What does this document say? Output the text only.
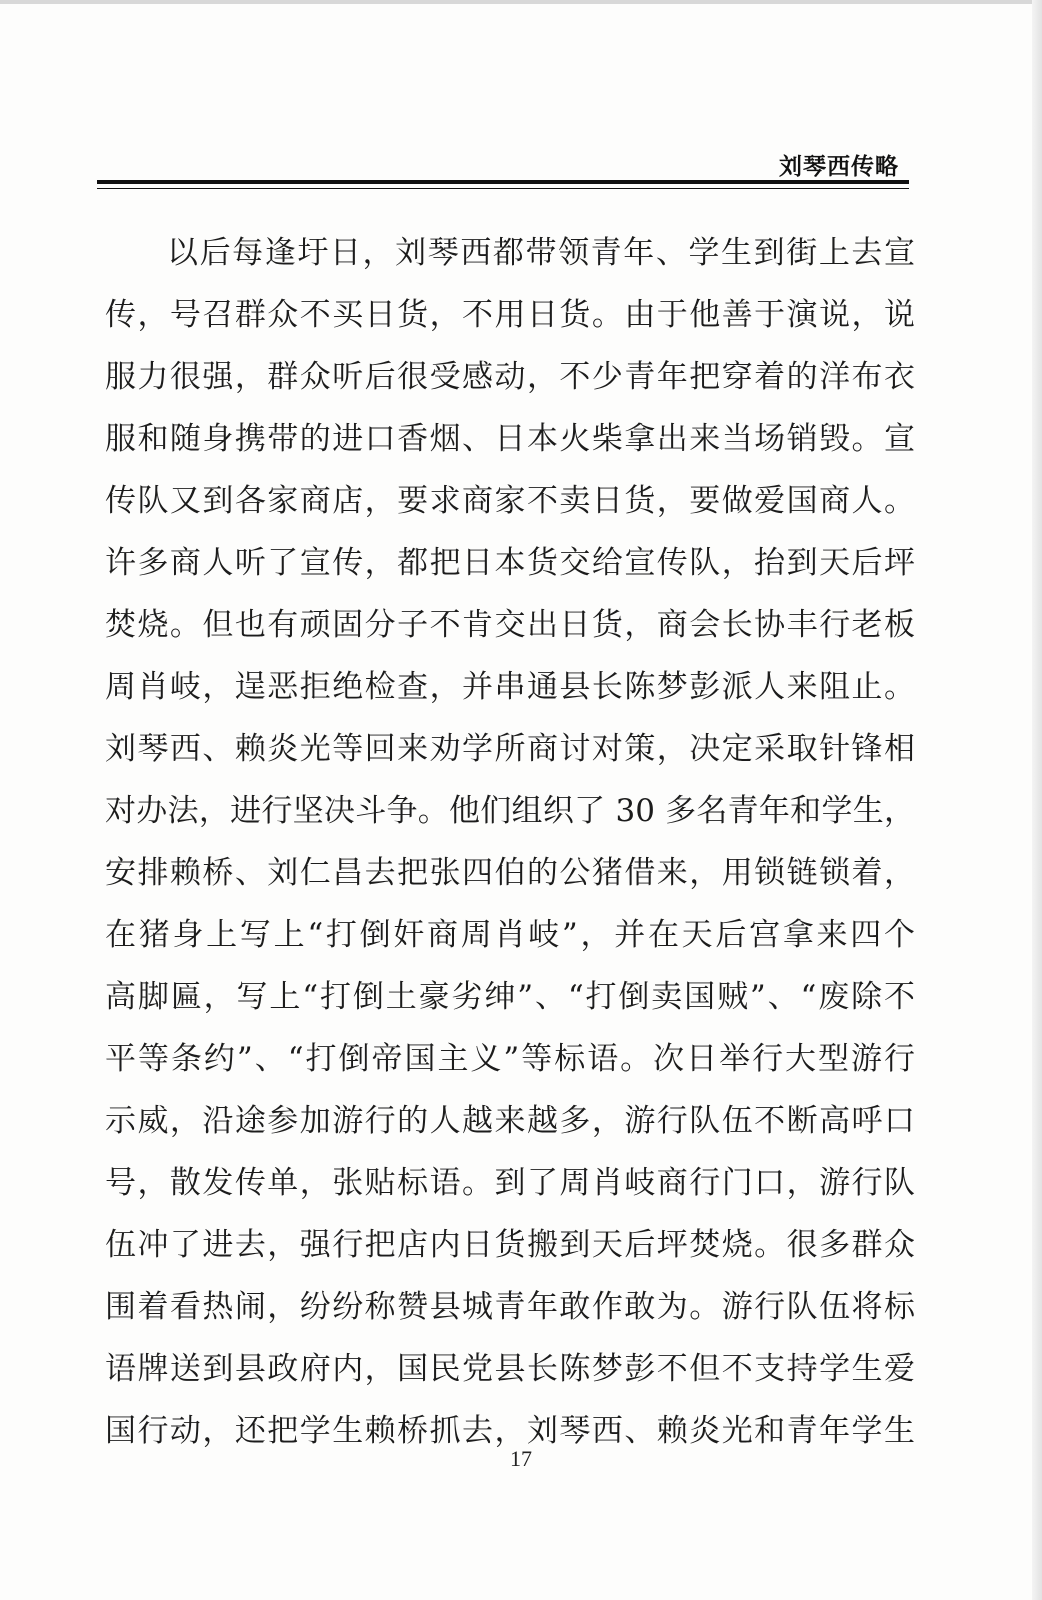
刘琴西传略
以后每逢圩日，刘琴西都带领青年、学生到街上去宣
传，号召群众不买日货，不用日货。由于他善于演说，说
服力很强，群众听后很受感动，不少青年把穿着的洋布衣
服和随身携带的进口香烟、日本火柴拿出来当场销毁。宣
传队又到各家商店，要求商家不卖日货，要做爱国商人。
许多商人听了宣传，都把日本货交给宣传队，抬到天后坪
焚烧。但也有顽固分子不肯交出日货，商会长协丰行老板
周肖岐，逞恶拒绝检查，并串通县长陈梦彭派人来阻止。
刘琴西、赖炎光等回来劝学所商讨对策，决定采取针锋相
对办法，进行坚决斗争。他们组织了 30 多名青年和学生，
安排赖桥、刘仁昌去把张四伯的公猪借来，用锁链锁着，
在猪身上写上“打倒奸商周肖岐”，并在天后宫拿来四个
高脚匾，写上“打倒土豪劣绅”、“打倒卖国贼”、“废除不
平等条约”、“打倒帝国主义”等标语。次日举行大型游行
示威，沿途参加游行的人越来越多，游行队伍不断高呼口
号，散发传单，张贴标语。到了周肖岐商行门口，游行队
伍冲了进去，强行把店内日货搬到天后坪焚烧。很多群众
围着看热闹，纷纷称赞县城青年敢作敢为。游行队伍将标
语牌送到县政府内，国民党县长陈梦彭不但不支持学生爱
国行动，还把学生赖桥抓去，刘琴西、赖炎光和青年学生
17
